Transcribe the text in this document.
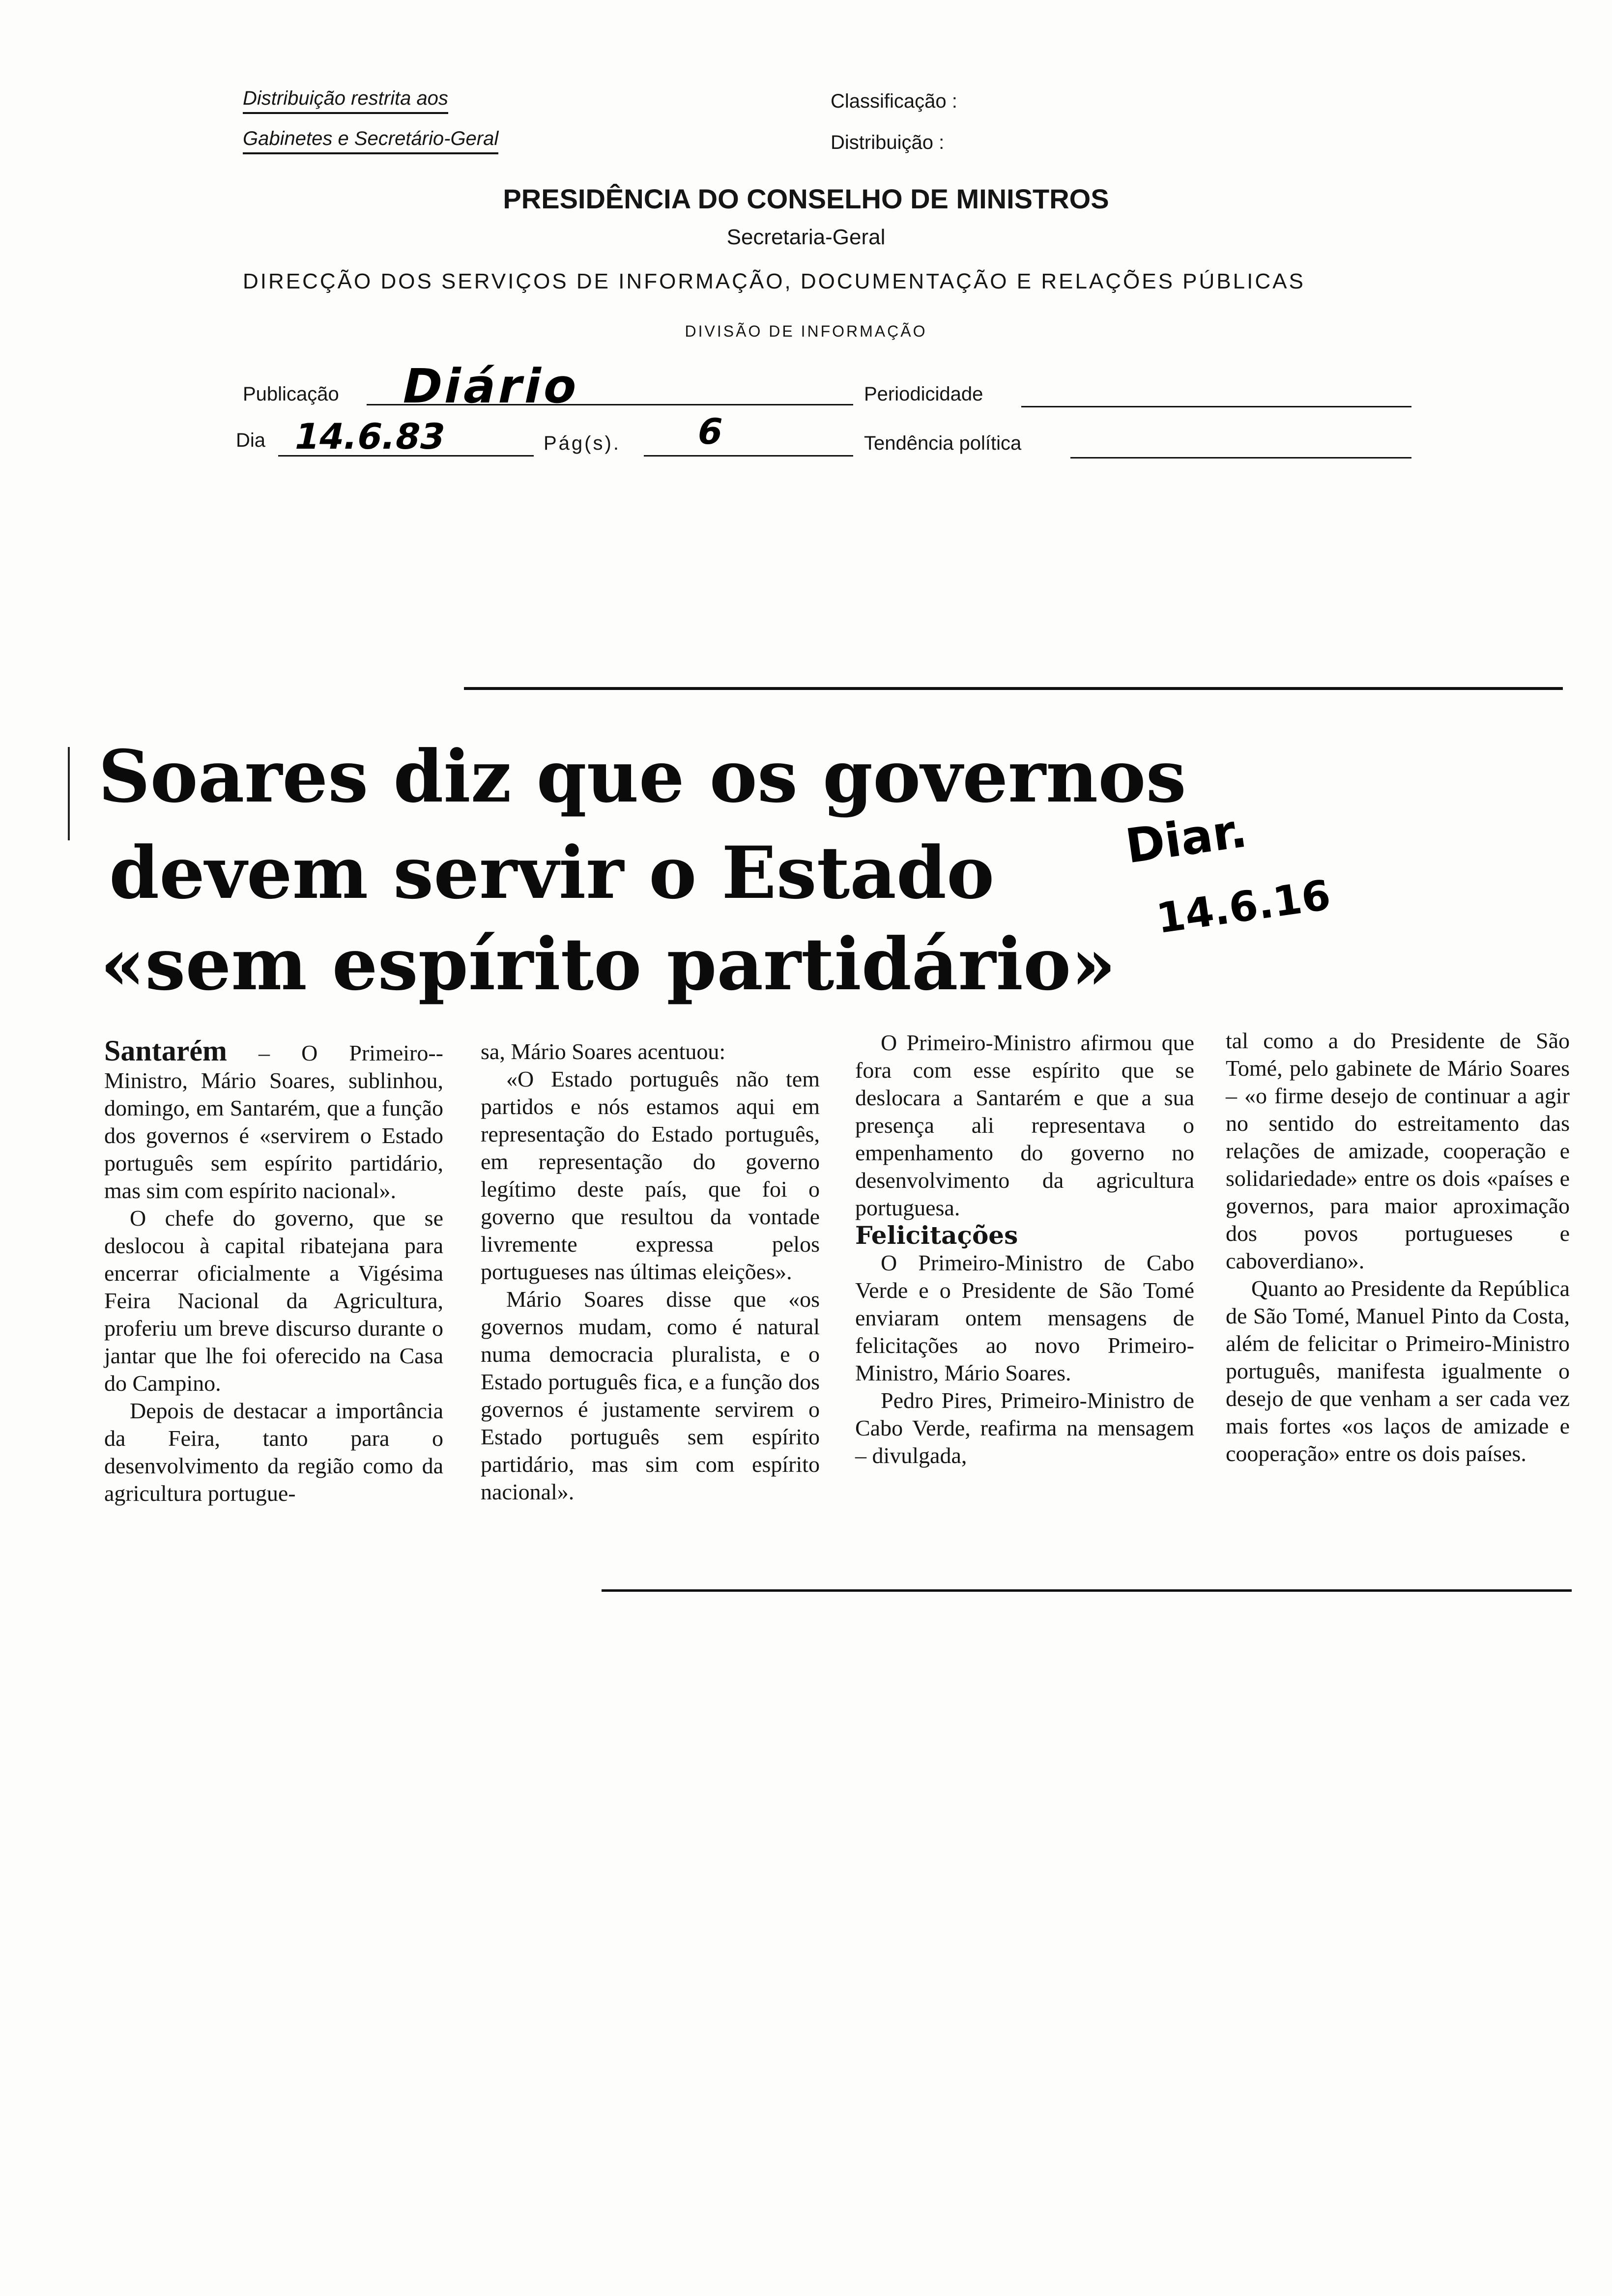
Distribuição restrita aos
Gabinetes e Secretário-Geral
Classificação :
Distribuição :
PRESIDÊNCIA DO CONSELHO DE MINISTROS
Secretaria-Geral
DIRECÇÃO DOS SERVIÇOS DE INFORMAÇÃO, DOCUMENTAÇÃO E RELAÇÕES PÚBLICAS
DIVISÃO DE INFORMAÇÃO
Publicação Diário	Periodicidade
Dia 14.6.83	Pág(s). 6	Tendência política
Soares diz que os governos
devem servir o Estado
«sem espírito partidário»
Diar.
14.6.16

Santarém – O Primeiro--Ministro, Mário Soares, sublinhou, domingo, em Santarém, que a função dos governos é «servirem o Estado português sem espírito partidário, mas sim com espírito nacional».

O chefe do governo, que se deslocou à capital ribatejana para encerrar oficialmente a Vigésima Feira Nacional da Agricultura, proferiu um breve discurso durante o jantar que lhe foi oferecido na Casa do Campino.

Depois de destacar a importância da Feira, tanto para o desenvolvimento da região como da agricultura portugue-

sa, Mário Soares acentuou:

«O Estado português não tem partidos e nós estamos aqui em representação do Estado português, em representação do governo legítimo deste país, que foi o governo que resultou da vontade livremente expressa pelos portugueses nas últimas eleições».

Mário Soares disse que «os governos mudam, como é natural numa democracia pluralista, e o Estado português fica, e a função dos governos é justamente servirem o Estado português sem espírito partidário, mas sim com espírito nacional».

O Primeiro-Ministro afirmou que fora com esse espírito que se deslocara a Santarém e que a sua presença ali representava o empenhamento do governo no desenvolvimento da agricultura portuguesa.

Felicitações

O Primeiro-Ministro de Cabo Verde e o Presidente de São Tomé enviaram ontem mensagens de felicitações ao novo Primeiro-Ministro, Mário Soares.

Pedro Pires, Primeiro-Ministro de Cabo Verde, reafirma na mensagem – divulgada,

tal como a do Presidente de São Tomé, pelo gabinete de Mário Soares – «o firme desejo de continuar a agir no sentido do estreitamento das relações de amizade, cooperação e solidariedade» entre os dois «países e governos, para maior aproximação dos povos portugueses e caboverdiano».

Quanto ao Presidente da República de São Tomé, Manuel Pinto da Costa, além de felicitar o Primeiro-Ministro português, manifesta igualmente o desejo de que venham a ser cada vez mais fortes «os laços de amizade e cooperação» entre os dois países.
